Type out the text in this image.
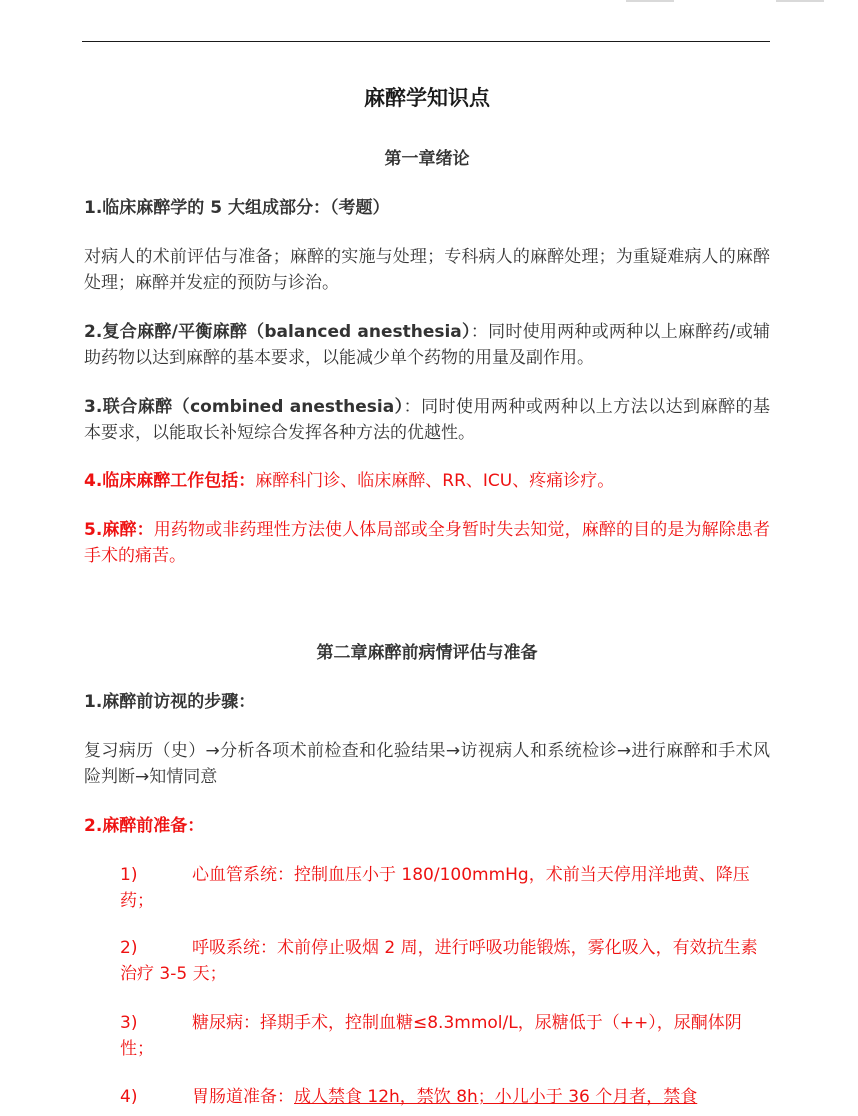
麻醉学知识点
第一章绪论

1.临床麻醉学的 5 大组成部分：（考题）

对病人的术前评估与准备；麻醉的实施与处理；专科病人的麻醉处理；为重疑难病人的麻醉处理；麻醉并发症的预防与诊治。

2.复合麻醉/平衡麻醉（balanced anesthesia）：同时使用两种或两种以上麻醉药/或辅助药物以达到麻醉的基本要求，以能减少单个药物的用量及副作用。

3.联合麻醉（combined anesthesia）：同时使用两种或两种以上方法以达到麻醉的基本要求，以能取长补短综合发挥各种方法的优越性。

4.临床麻醉工作包括：麻醉科门诊、临床麻醉、RR、ICU、疼痛诊疗。

5.麻醉：用药物或非药理性方法使人体局部或全身暂时失去知觉，麻醉的目的是为解除患者手术的痛苦。

第二章麻醉前病情评估与准备

1.麻醉前访视的步骤：

复习病历（史）→分析各项术前检查和化验结果→访视病人和系统检诊→进行麻醉和手术风险判断→知情同意

2.麻醉前准备：

1)	心血管系统：控制血压小于 180/100mmHg，术前当天停用洋地黄、降压药；

2)	呼吸系统：术前停止吸烟 2 周，进行呼吸功能锻炼，雾化吸入，有效抗生素治疗 3-5 天；

3)	糖尿病：择期手术，控制血糖≤8.3mmol/L，尿糖低于（++），尿酮体阴性；

4)	胃肠道准备：成人禁食 12h，禁饮 8h；小儿小于 36 个月者，禁食
